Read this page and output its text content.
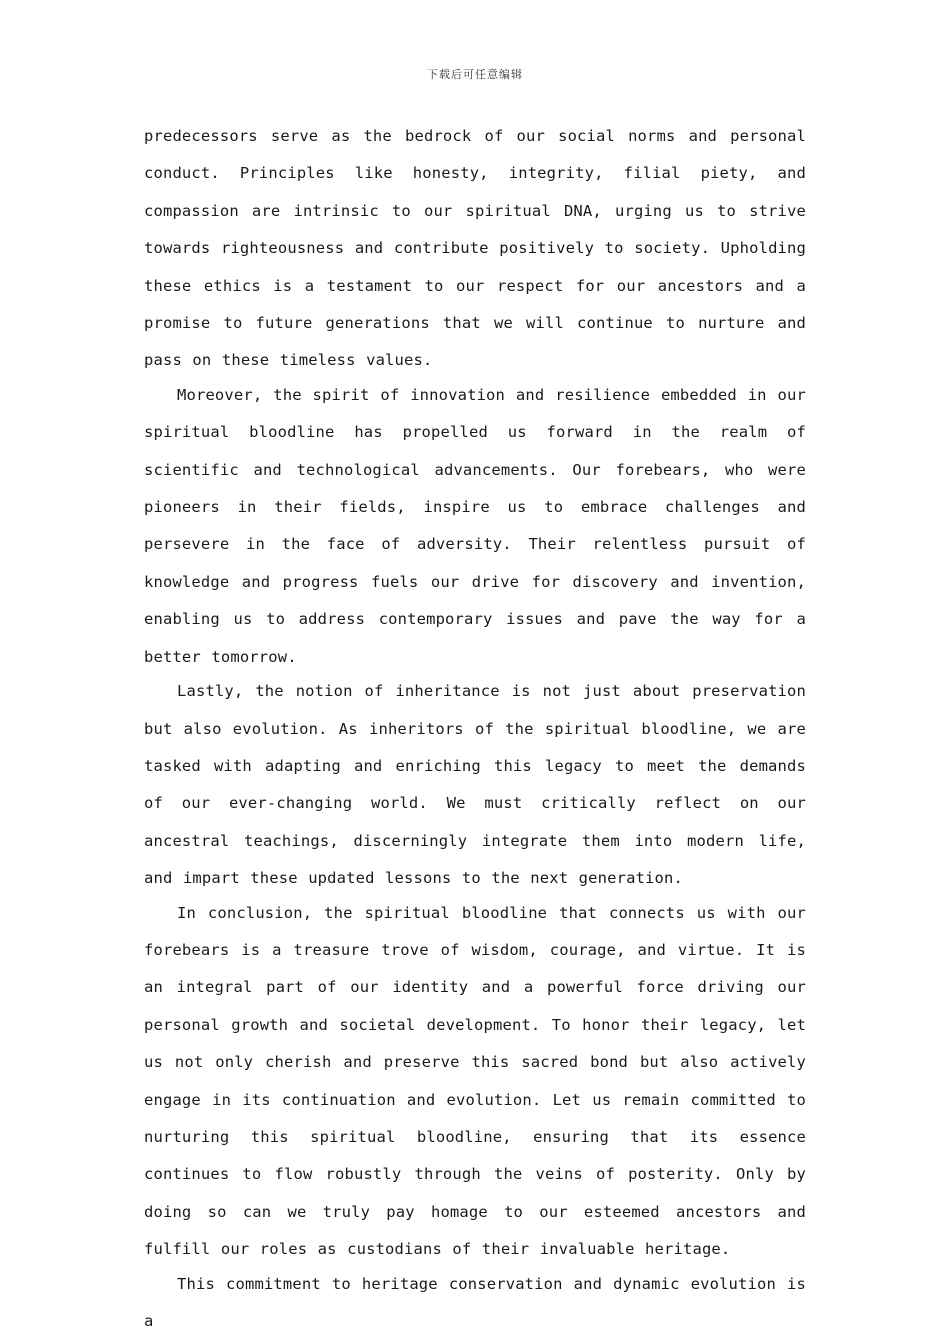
下载后可任意编辑

predecessors serve as the bedrock of our social norms and personal conduct. Principles like honesty, integrity, filial piety, and compassion are intrinsic to our spiritual DNA, urging us to strive towards righteousness and contribute positively to society. Upholding these ethics is a testament to our respect for our ancestors and a promise to future generations that we will continue to nurture and pass on these timeless values.

Moreover, the spirit of innovation and resilience embedded in our spiritual bloodline has propelled us forward in the realm of scientific and technological advancements. Our forebears, who were pioneers in their fields, inspire us to embrace challenges and persevere in the face of adversity. Their relentless pursuit of knowledge and progress fuels our drive for discovery and invention, enabling us to address contemporary issues and pave the way for a better tomorrow.

Lastly, the notion of inheritance is not just about preservation but also evolution. As inheritors of the spiritual bloodline, we are tasked with adapting and enriching this legacy to meet the demands of our ever-changing world. We must critically reflect on our ancestral teachings, discerningly integrate them into modern life, and impart these updated lessons to the next generation.

In conclusion, the spiritual bloodline that connects us with our forebears is a treasure trove of wisdom, courage, and virtue. It is an integral part of our identity and a powerful force driving our personal growth and societal development. To honor their legacy, let us not only cherish and preserve this sacred bond but also actively engage in its continuation and evolution. Let us remain committed to nurturing this spiritual bloodline, ensuring that its essence continues to flow robustly through the veins of posterity. Only by doing so can we truly pay homage to our esteemed ancestors and fulfill our roles as custodians of their invaluable heritage.

This commitment to heritage conservation and dynamic evolution is a
